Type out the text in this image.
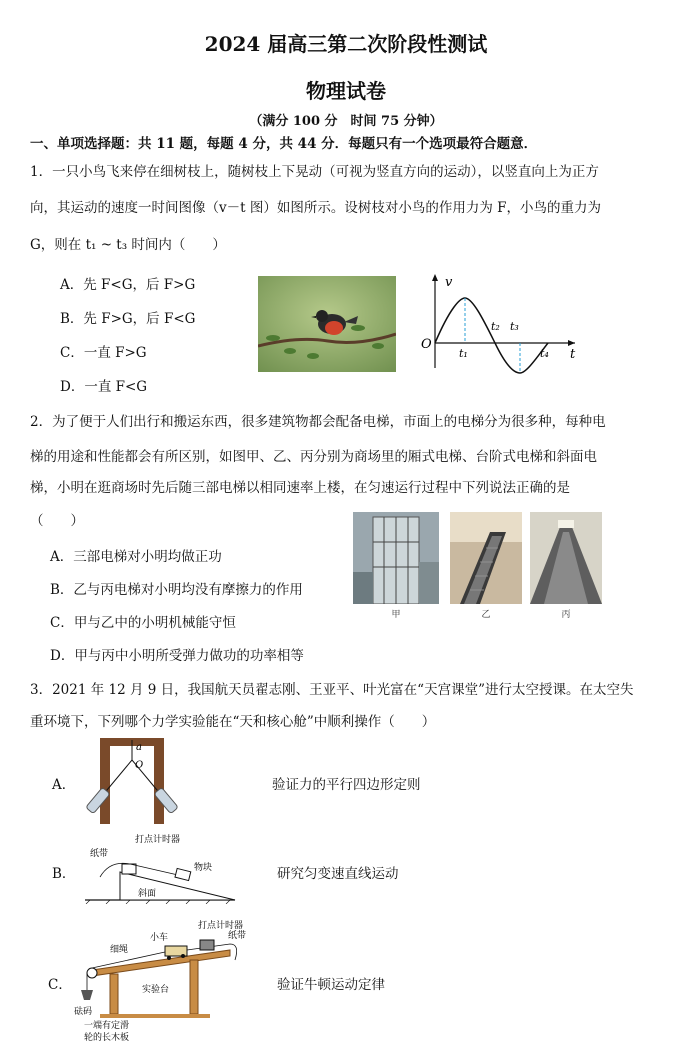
2024 届高三第二次阶段性测试
物理试卷
（满分 100 分　时间 75 分钟）
一、单项选择题：共 11 题，每题 4 分，共 44 分．每题只有一个选项最符合题意．
1．一只小鸟飞来停在细树枝上，随树枝上下晃动（可视为竖直方向的运动），以竖直向上为正方
向，其运动的速度一时间图像（v－t 图）如图所示。设树枝对小鸟的作用力为 F，小鸟的重力为
G，则在 t₁ ~ t₃ 时间内（　　）
A．先 F<G，后 F>G
B．先 F>G，后 F<G
C．一直 F>G
D．一直 F<G
v
O
t
t₁
t₂ t₃
t₄
2．为了便于人们出行和搬运东西，很多建筑物都会配备电梯，市面上的电梯分为很多种，每种电
梯的用途和性能都会有所区别，如图甲、乙、丙分别为商场里的厢式电梯、台阶式电梯和斜面电
梯，小明在逛商场时先后随三部电梯以相同速率上楼，在匀速运行过程中下列说法正确的是
（　　）
A．三部电梯对小明均做正功
B．乙与丙电梯对小明均没有摩擦力的作用
C．甲与乙中的小明机械能守恒
D．甲与丙中小明所受弹力做功的功率相等
甲	乙	丙
3．2021 年 12 月 9 日，我国航天员翟志刚、王亚平、叶光富在“天宫课堂”进行太空授课。在太空失
重环境下，下列哪个力学实验能在“天和核心舱”中顺利操作（　　）
A．	验证力的平行四边形定则
a
O
B．	研究匀变速直线运动
打点计时器
纸带
物块
斜面
C．	验证牛顿运动定律
小车
细绳
打点计时器
纸带
实验台
砝码
一端有定滑
轮的长木板
